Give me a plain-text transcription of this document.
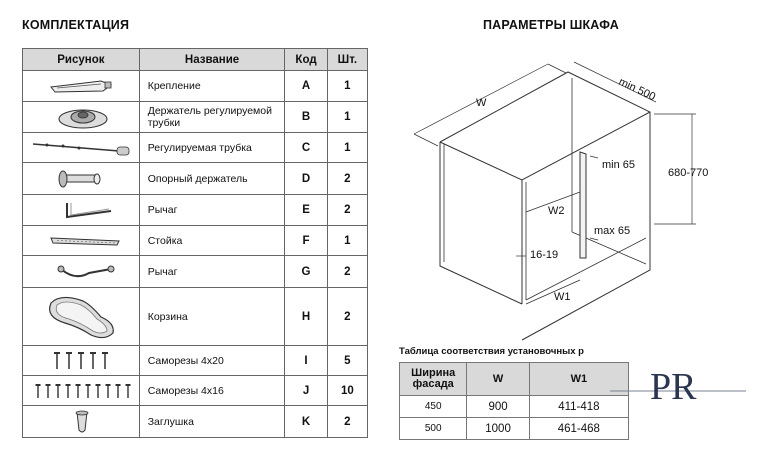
КОМПЛЕКТАЦИЯ	ПАРАМЕТРЫ ШКАФА
Рисунок	Название	Код	Шт.

	Крепление	A	1

	Держатель регулируемой трубки	B	1

	Регулируемая трубка	C	1

	Опорный держатель	D	2

	Рычаг	E	2

	Стойка	F	1

	Рычаг	G	2

	Корзина	H	2

	Саморезы 4x20	I	5

	Саморезы 4x16	J	10

	Заглушка	K	2
W	min 500
680-770
min 65
W2
max 65
16-19
W1
Таблица соответствия установочных р
Ширина фасада	W	W1
450	900	411-418
500	1000	461-468
PR
